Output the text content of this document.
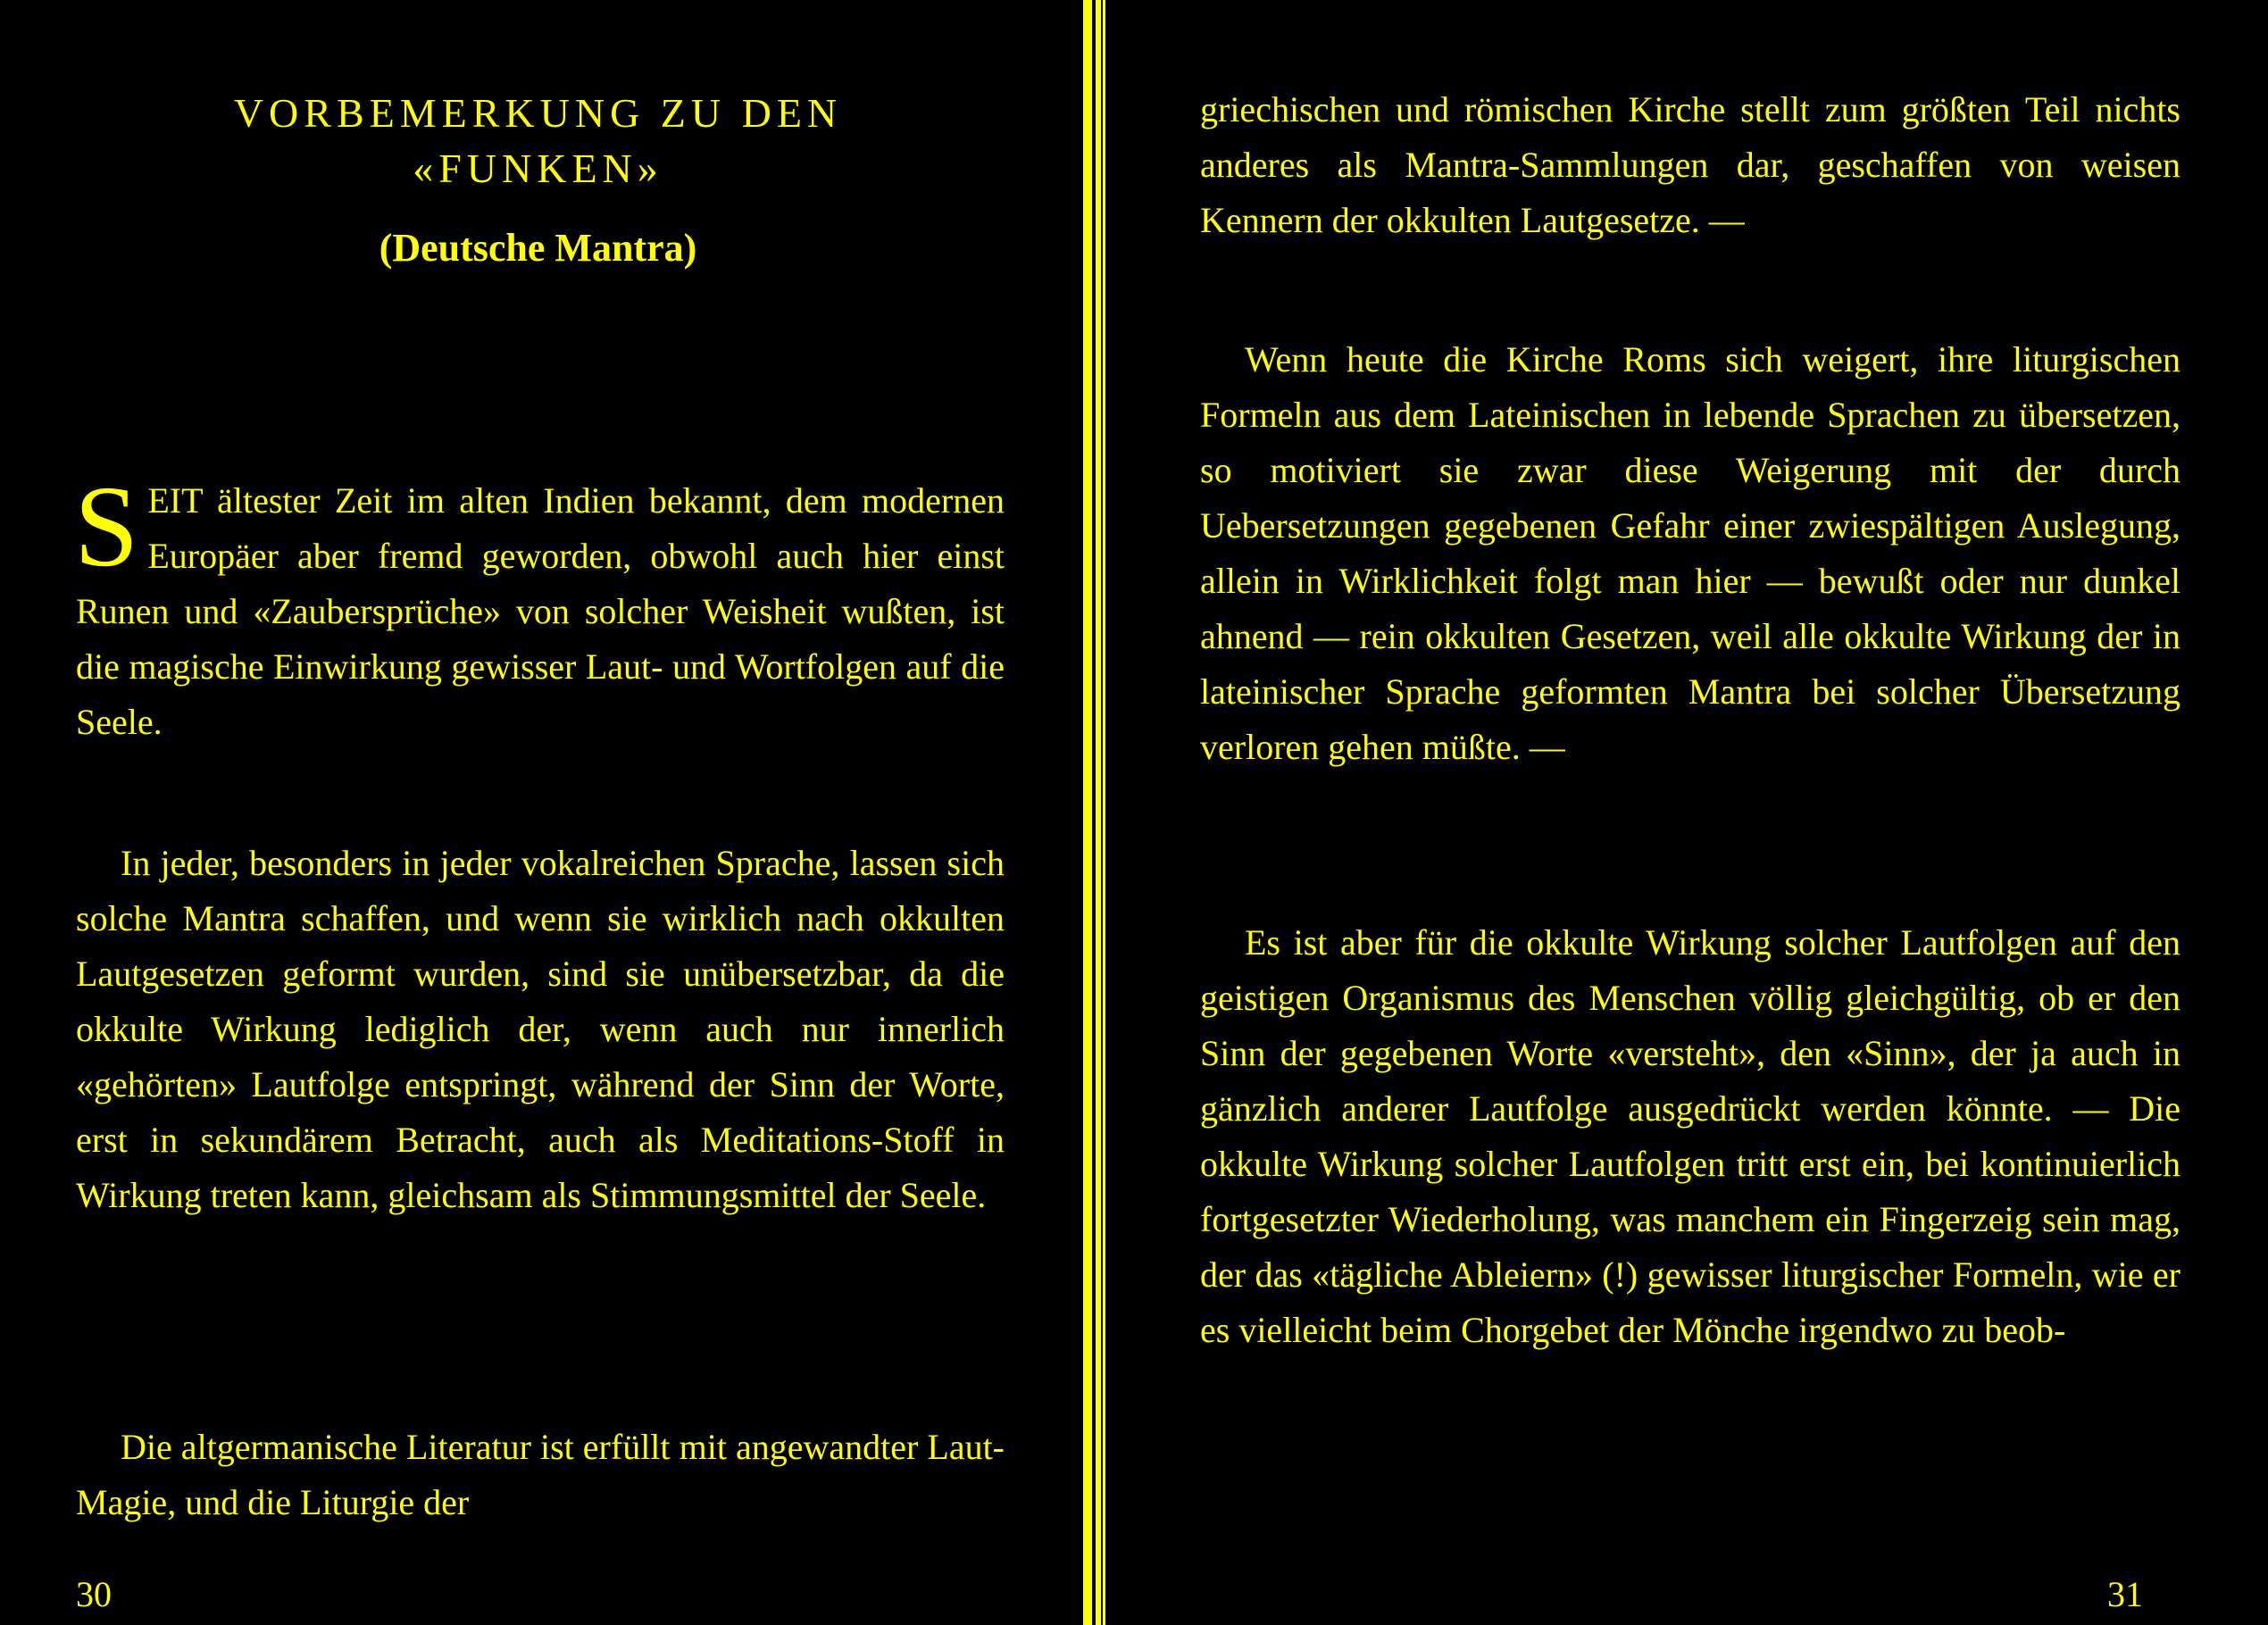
VORBEMERKUNG ZU DEN
«FUNKEN»
(Deutsche Mantra)

SEIT ältester Zeit im alten Indien bekannt, dem modernen Europäer aber fremd geworden, obwohl auch hier einst Runen und «Zaubersprüche» von solcher Weisheit wußten, ist die magische Einwirkung gewisser Laut- und Wortfolgen auf die Seele.

In jeder, besonders in jeder vokalreichen Sprache, lassen sich solche Mantra schaffen, und wenn sie wirklich nach okkulten Lautgesetzen geformt wurden, sind sie unübersetzbar, da die okkulte Wirkung lediglich der, wenn auch nur innerlich «gehörten» Lautfolge entspringt, während der Sinn der Worte, erst in sekundärem Betracht, auch als Meditations-Stoff in Wirkung treten kann, gleichsam als Stimmungsmittel der Seele.

Die altgermanische Literatur ist erfüllt mit angewandter Laut-Magie, und die Liturgie der

30

griechischen und römischen Kirche stellt zum größten Teil nichts anderes als Mantra-Sammlungen dar, geschaffen von weisen Kennern der okkulten Lautgesetze. —

Wenn heute die Kirche Roms sich weigert, ihre liturgischen Formeln aus dem Lateinischen in lebende Sprachen zu übersetzen, so motiviert sie zwar diese Weigerung mit der durch Uebersetzungen gegebenen Gefahr einer zwiespältigen Auslegung, allein in Wirklichkeit folgt man hier — bewußt oder nur dunkel ahnend — rein okkulten Gesetzen, weil alle okkulte Wirkung der in lateinischer Sprache geformten Mantra bei solcher Übersetzung verloren gehen müßte. —

Es ist aber für die okkulte Wirkung solcher Lautfolgen auf den geistigen Organismus des Menschen völlig gleichgültig, ob er den Sinn der gegebenen Worte «versteht», den «Sinn», der ja auch in gänzlich anderer Lautfolge ausgedrückt werden könnte. — Die okkulte Wirkung solcher Lautfolgen tritt erst ein, bei kontinuierlich fortgesetzter Wiederholung, was manchem ein Fingerzeig sein mag, der das «tägliche Ableiern» (!) gewisser liturgischer Formeln, wie er es vielleicht beim Chorgebet der Mönche irgendwo zu beob-

31
